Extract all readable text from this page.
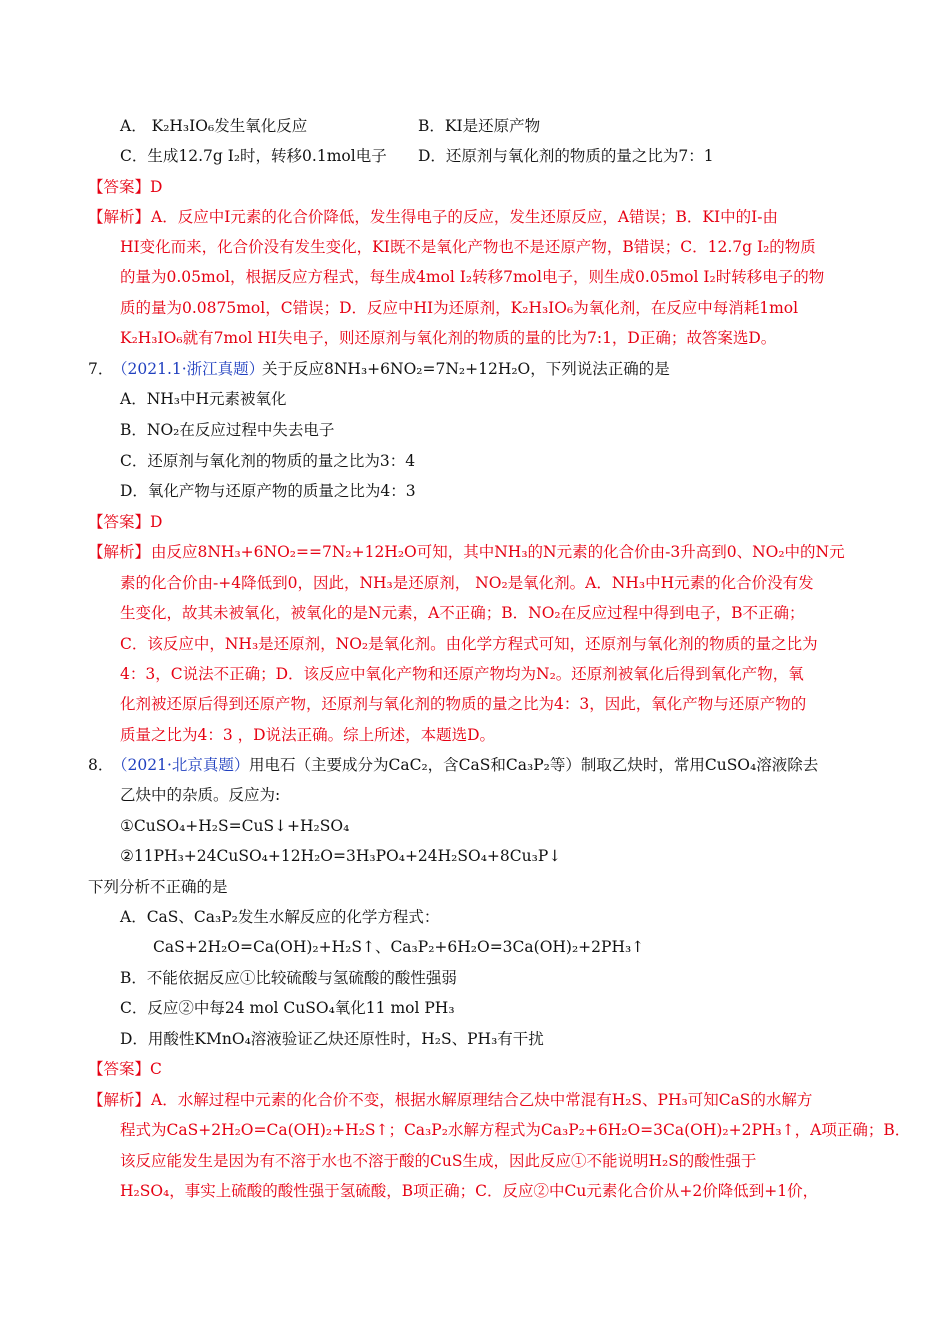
A． K₂H₃IO₆发生氧化反应	B．KI是还原产物
C．生成12.7g I₂时，转移0.1mol电子 D．还原剂与氧化剂的物质的量之比为7：1
【答案】D
【解析】 A．反应中I元素的化合价降低，发生得电子的反应，发生还原反应，A错误；B．KI中的I-由
HI变化而来，化合价没有发生变化，KI既不是氧化产物也不是还原产物，B错误；C．12.7g I₂的物质
的量为0.05mol，根据反应方程式，每生成4mol I₂转移7mol电子，则生成0.05mol I₂时转移电子的物
质的量为0.0875mol，C错误；D．反应中HI为还原剂，K₂H₃IO₆为氧化剂，在反应中每消耗1mol
K₂H₃IO₆就有7mol HI失电子，则还原剂与氧化剂的物质的量的比为7:1，D正确；故答案选D。
7．
（2021.1·浙江真题）
关于反应8NH₃+6NO₂=7N₂+12H₂O，下列说法正确的是
A．NH₃中H元素被氧化
B．NO₂在反应过程中失去电子
C．还原剂与氧化剂的物质的量之比为3：4
D．氧化产物与还原产物的质量之比为4：3
【答案】D
【解析】 由反应8NH₃+6NO₂==7N₂+12H₂O可知，其中NH₃的N元素的化合价由-3升高到0、NO₂中的N元
素的化合价由-+4降低到0，因此，NH₃是还原剂， NO₂是氧化剂。A．NH₃中H元素的化合价没有发
生变化，故其未被氧化，被氧化的是N元素，A不正确；B．NO₂在反应过程中得到电子，B不正确；
C．该反应中，NH₃是还原剂，NO₂是氧化剂。由化学方程式可知，还原剂与氧化剂的物质的量之比为
4：3，C说法不正确；D．该反应中氧化产物和还原产物均为N₂。还原剂被氧化后得到氧化产物，氧
化剂被还原后得到还原产物，还原剂与氧化剂的物质的量之比为4：3，因此，氧化产物与还原产物的
质量之比为4：3 ，D说法正确。综上所述，本题选D。
8．
（2021·北京真题） 用电石（主要成分为CaC₂，含CaS和Ca₃P₂等）制取乙炔时，常用CuSO₄溶液除去
乙炔中的杂质。反应为:
①CuSO₄+H₂S=CuS↓+H₂SO₄
②11PH₃+24CuSO₄+12H₂O=3H₃PO₄+24H₂SO₄+8Cu₃P↓
下列分析不正确的是
A．CaS、Ca₃P₂发生水解反应的化学方程式：
CaS+2H₂O=Ca(OH)₂+H₂S↑、Ca₃P₂+6H₂O=3Ca(OH)₂+2PH₃↑
B．不能依据反应①比较硫酸与氢硫酸的酸性强弱
C．反应②中每24 mol CuSO₄氧化11 mol PH₃
D．用酸性KMnO₄溶液验证乙炔还原性时，H₂S、PH₃有干扰
【答案】C
【解析】 A．水解过程中元素的化合价不变，根据水解原理结合乙炔中常混有H₂S、PH₃可知CaS的水解方
程式为CaS+2H₂O=Ca(OH)₂+H₂S↑；Ca₃P₂水解方程式为Ca₃P₂+6H₂O=3Ca(OH)₂+2PH₃↑，A项正确；B．
该反应能发生是因为有不溶于水也不溶于酸的CuS生成，因此反应①不能说明H₂S的酸性强于
H₂SO₄，事实上硫酸的酸性强于氢硫酸，B项正确；C．反应②中Cu元素化合价从+2价降低到+1价，
